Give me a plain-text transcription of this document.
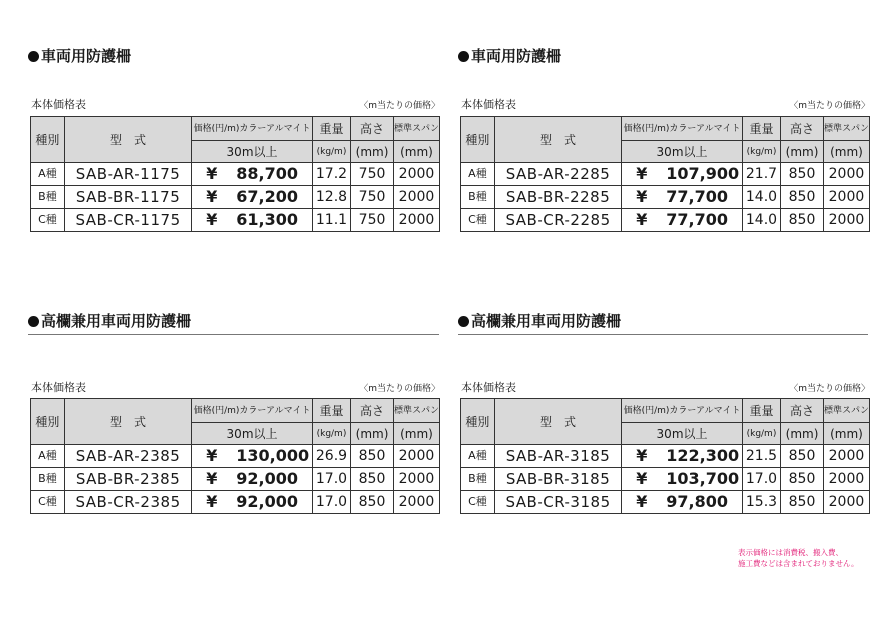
車両用防護柵
本体価格表	〈m当たりの価格〉
種別	型　式	価格(円/m)カラーアルマイト	重量	高さ	標準スパン
		30m以上	(kg/m)	(mm)	(mm)
A種	SAB-AR-1175	¥ 88,700	17.2	750	2000
B種	SAB-BR-1175	¥ 67,200	12.8	750	2000
C種	SAB-CR-1175	¥ 61,300	11.1	750	2000
車両用防護柵
本体価格表	〈m当たりの価格〉
種別	型　式	価格(円/m)カラーアルマイト	重量	高さ	標準スパン
		30m以上	(kg/m)	(mm)	(mm)
A種	SAB-AR-2285	¥ 107,900	21.7	850	2000
B種	SAB-BR-2285	¥ 77,700	14.0	850	2000
C種	SAB-CR-2285	¥ 77,700	14.0	850	2000
高欄兼用車両用防護柵
本体価格表	〈m当たりの価格〉
種別	型　式	価格(円/m)カラーアルマイト	重量	高さ	標準スパン
		30m以上	(kg/m)	(mm)	(mm)
A種	SAB-AR-2385	¥ 130,000	26.9	850	2000
B種	SAB-BR-2385	¥ 92,000	17.0	850	2000
C種	SAB-CR-2385	¥ 92,000	17.0	850	2000
高欄兼用車両用防護柵
本体価格表	〈m当たりの価格〉
種別	型　式	価格(円/m)カラーアルマイト	重量	高さ	標準スパン
		30m以上	(kg/m)	(mm)	(mm)
A種	SAB-AR-3185	¥ 122,300	21.5	850	2000
B種	SAB-BR-3185	¥ 103,700	17.0	850	2000
C種	SAB-CR-3185	¥ 97,800	15.3	850	2000
表示価格には消費税、搬入費、
施工費などは含まれておりません。
